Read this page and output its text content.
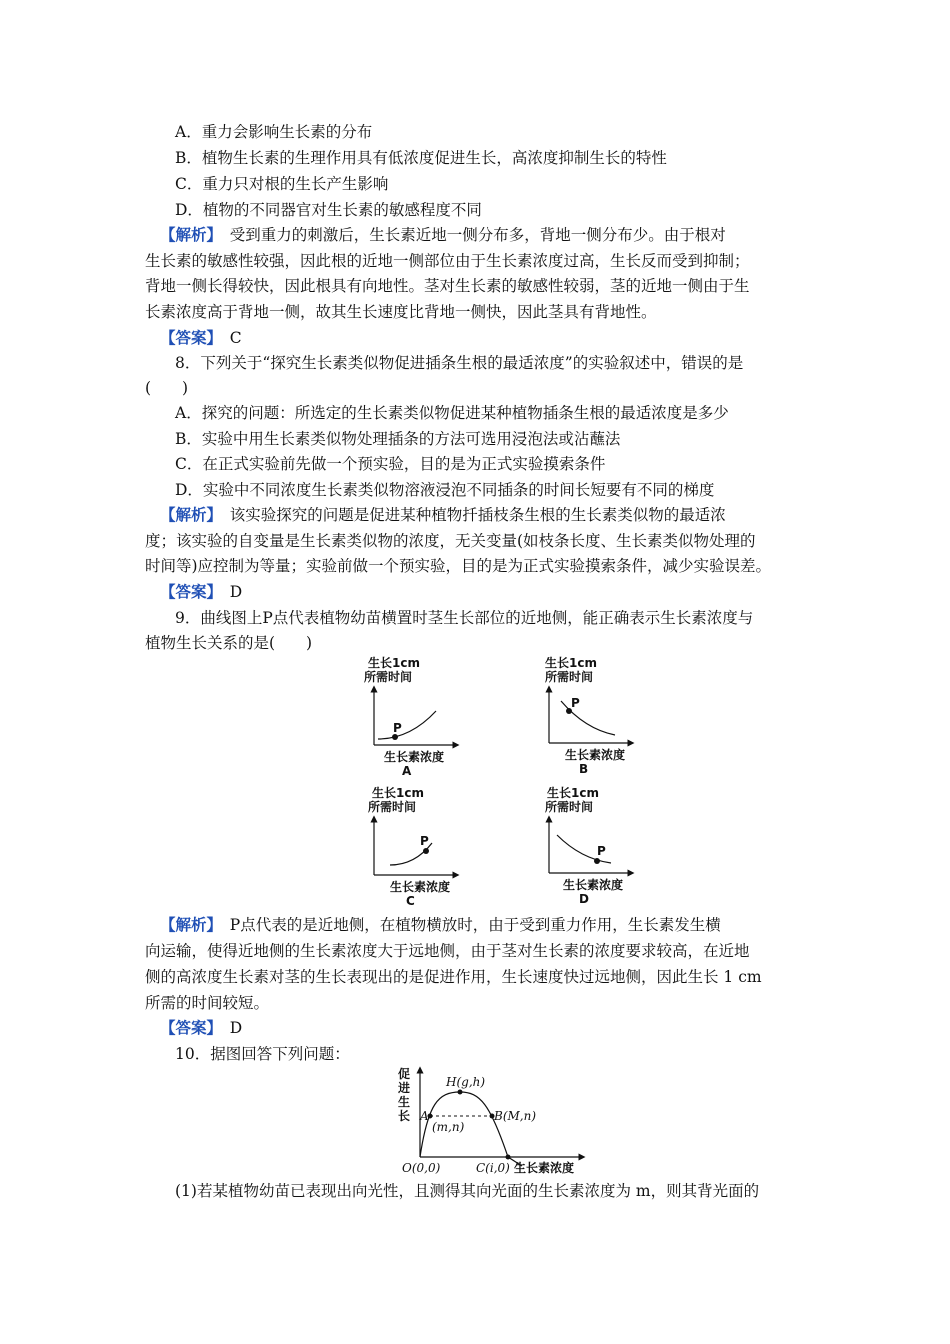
A．重力会影响生长素的分布
B．植物生长素的生理作用具有低浓度促进生长，高浓度抑制生长的特性
C．重力只对根的生长产生影响
D．植物的不同器官对生长素的敏感程度不同
【解析】　受到重力的刺激后，生长素近地一侧分布多，背地一侧分布少。由于根对
生长素的敏感性较强，因此根的近地一侧部位由于生长素浓度过高，生长反而受到抑制；
背地一侧长得较快，因此根具有向地性。茎对生长素的敏感性较弱，茎的近地一侧由于生
长素浓度高于背地一侧，故其生长速度比背地一侧快，因此茎具有背地性。
【答案】　C
8．下列关于“探究生长素类似物促进插条生根的最适浓度”的实验叙述中，错误的是
(　　)
A．探究的问题：所选定的生长素类似物促进某种植物插条生根的最适浓度是多少
B．实验中用生长素类似物处理插条的方法可选用浸泡法或沾蘸法
C．在正式实验前先做一个预实验，目的是为正式实验摸索条件
D．实验中不同浓度生长素类似物溶液浸泡不同插条的时间长短要有不同的梯度
【解析】　该实验探究的问题是促进某种植物扦插枝条生根的生长素类似物的最适浓
度；该实验的自变量是生长素类似物的浓度，无关变量(如枝条长度、生长素类似物处理的
时间等)应控制为等量；实验前做一个预实验，目的是为正式实验摸索条件，减少实验误差。
【答案】　D
9．曲线图上P点代表植物幼苗横置时茎生长部位的近地侧，能正确表示生长素浓度与
植物生长关系的是(　　)
生长1cm
所需时间
P
生长素浓度
A
生长1cm
所需时间
P
生长素浓度
B
生长1cm
所需时间
P
生长素浓度
C
生长1cm
所需时间
P
生长素浓度
D
【解析】　P点代表的是近地侧，在植物横放时，由于受到重力作用，生长素发生横
向运输，使得近地侧的生长素浓度大于远地侧，由于茎对生长素的浓度要求较高，在近地
侧的高浓度生长素对茎的生长表现出的是促进作用，生长速度快过远地侧，因此生长 1 cm
所需的时间较短。
【答案】　D
10．据图回答下列问题：
促
进
生
长
H(g,h)
A
(m,n)
B(M,n)
O(0,0)	C(i,0) 生长素浓度
(1)若某植物幼苗已表现出向光性，且测得其向光面的生长素浓度为 m，则其背光面的
